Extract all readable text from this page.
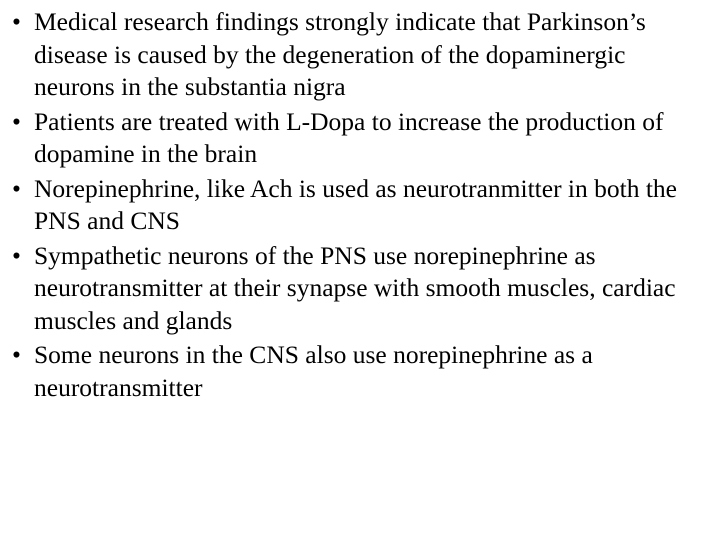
• Medical research findings strongly indicate that Parkinson’s disease is caused by the degeneration of the dopaminergic neurons in the substantia nigra
• Patients are treated with L-Dopa to increase the production of dopamine in the brain
• Norepinephrine, like Ach is used as neurotranmitter in both the PNS and CNS
• Sympathetic neurons of the PNS use norepinephrine as neurotransmitter at their synapse with smooth muscles, cardiac muscles and glands
• Some neurons in the CNS also use norepinephrine as a neurotransmitter
